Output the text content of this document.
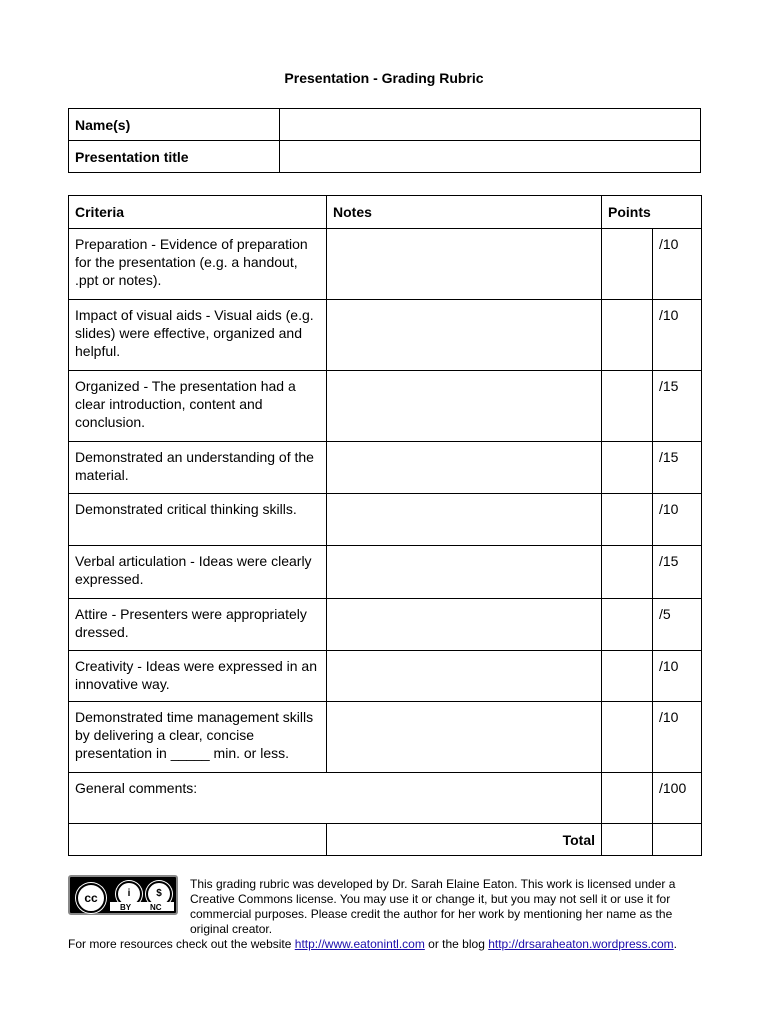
Presentation - Grading Rubric
Name(s)	
Presentation title	
Criteria	Notes	Points	
Preparation - Evidence of preparation for the presentation (e.g. a handout, .ppt or notes).			/10
Impact of visual aids - Visual aids (e.g. slides) were effective, organized and helpful.			/10
Organized - The presentation had a clear introduction, content and conclusion.			/15
Demonstrated an understanding of the material.			/15
Demonstrated critical thinking skills.			/10
Verbal articulation - Ideas were clearly expressed.			/15
Attire - Presenters were appropriately dressed.			/5
Creativity - Ideas were expressed in an innovative way.			/10
Demonstrated time management skills by delivering a clear, concise presentation in _____ min. or less.			/10
General comments:			/100
	Total		
cc	i	$
BY NC
This grading rubric was developed by Dr. Sarah Elaine Eaton. This work is licensed under a Creative Commons license. You may use it or change it, but you may not sell it or use it for commercial purposes. Please credit the author for her work by mentioning her name as the original creator.
For more resources check out the website http://www.eatonintl.com or the blog http://drsaraheaton.wordpress.com.
